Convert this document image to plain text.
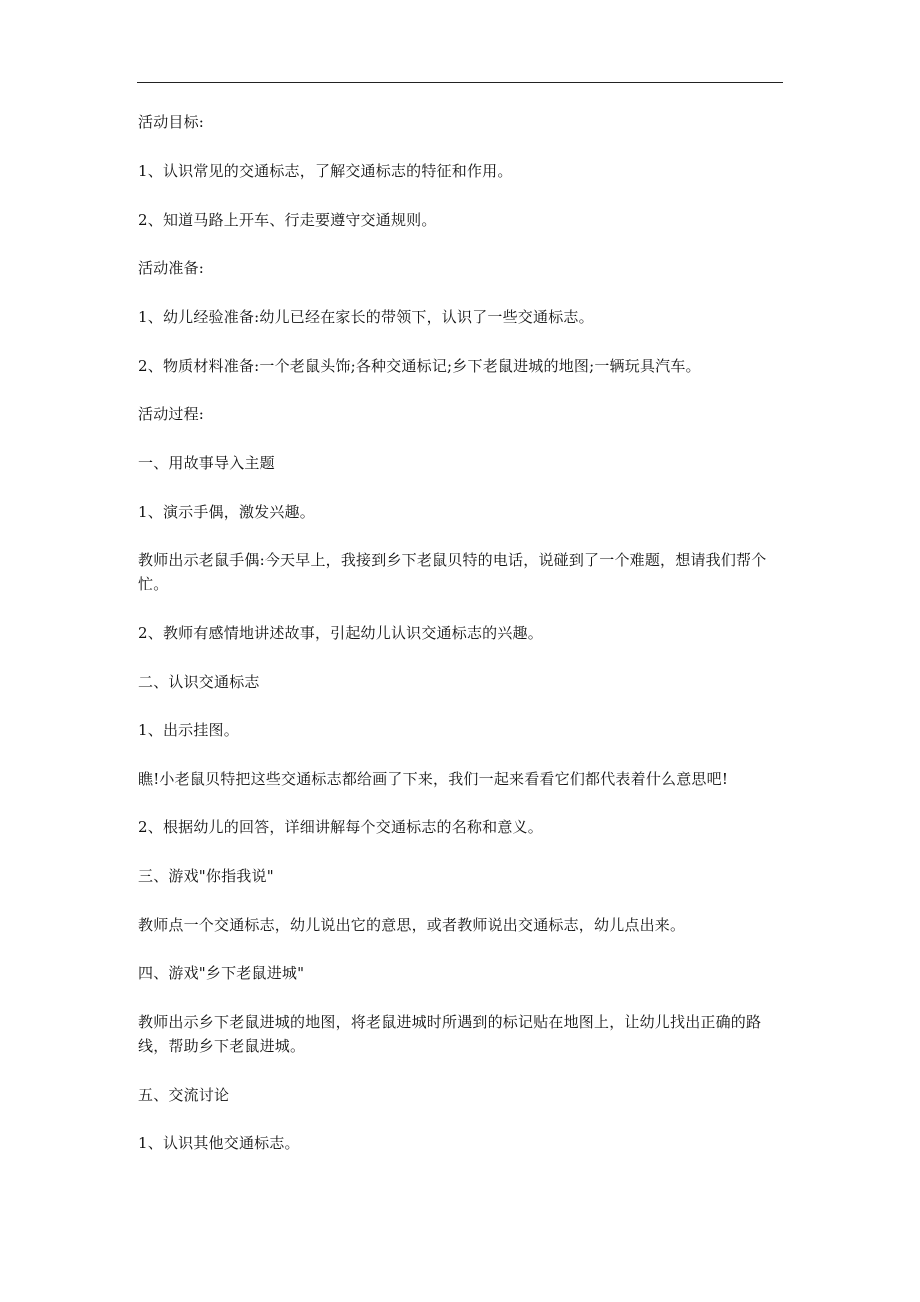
活动目标:

1、认识常见的交通标志，了解交通标志的特征和作用。

2、知道马路上开车、行走要遵守交通规则。

活动准备:

1、幼儿经验准备:幼儿已经在家长的带领下，认识了一些交通标志。

2、物质材料准备:一个老鼠头饰;各种交通标记;乡下老鼠进城的地图;一辆玩具汽车。

活动过程:

一、用故事导入主题

1、演示手偶，激发兴趣。

教师出示老鼠手偶:今天早上，我接到乡下老鼠贝特的电话，说碰到了一个难题，想请我们帮个忙。

2、教师有感情地讲述故事，引起幼儿认识交通标志的兴趣。

二、认识交通标志

1、出示挂图。

瞧!小老鼠贝特把这些交通标志都给画了下来，我们一起来看看它们都代表着什么意思吧!

2、根据幼儿的回答，详细讲解每个交通标志的名称和意义。

三、游戏"你指我说"

教师点一个交通标志，幼儿说出它的意思，或者教师说出交通标志，幼儿点出来。

四、游戏"乡下老鼠进城"

教师出示乡下老鼠进城的地图，将老鼠进城时所遇到的标记贴在地图上，让幼儿找出正确的路线，帮助乡下老鼠进城。

五、交流讨论

1、认识其他交通标志。
